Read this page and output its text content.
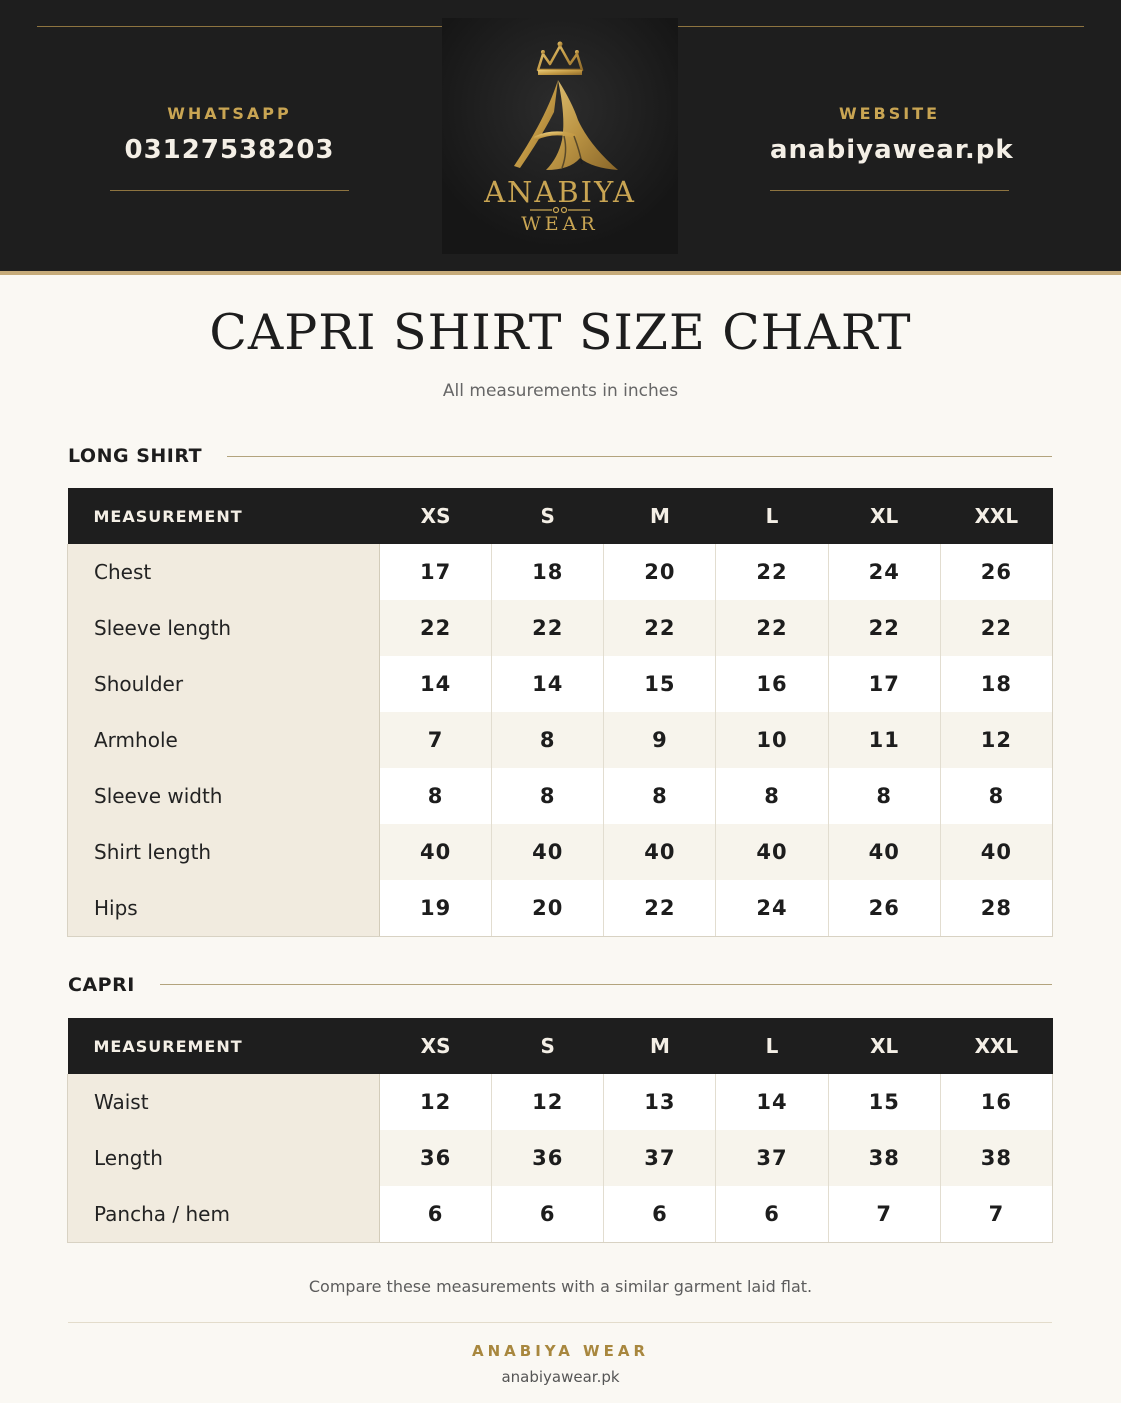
WHATSAPP
03127538203
WEBSITE
anabiyawear.pk
ANABIYA
WEAR
CAPRI SHIRT SIZE CHART
All measurements in inches
LONG SHIRT
MEASUREMENT	XS	S	M	L	XL	XXL
Chest	17	18	20	22	24	26
Sleeve length	22	22	22	22	22	22
Shoulder	14	14	15	16	17	18
Armhole	7	8	9	10	11	12
Sleeve width	8	8	8	8	8	8
Shirt length	40	40	40	40	40	40
Hips	19	20	22	24	26	28
CAPRI
MEASUREMENT	XS	S	M	L	XL	XXL
Waist	12	12	13	14	15	16
Length	36	36	37	37	38	38
Pancha / hem	6	6	6	6	7	7
Compare these measurements with a similar garment laid flat.
ANABIYA WEAR
anabiyawear.pk
